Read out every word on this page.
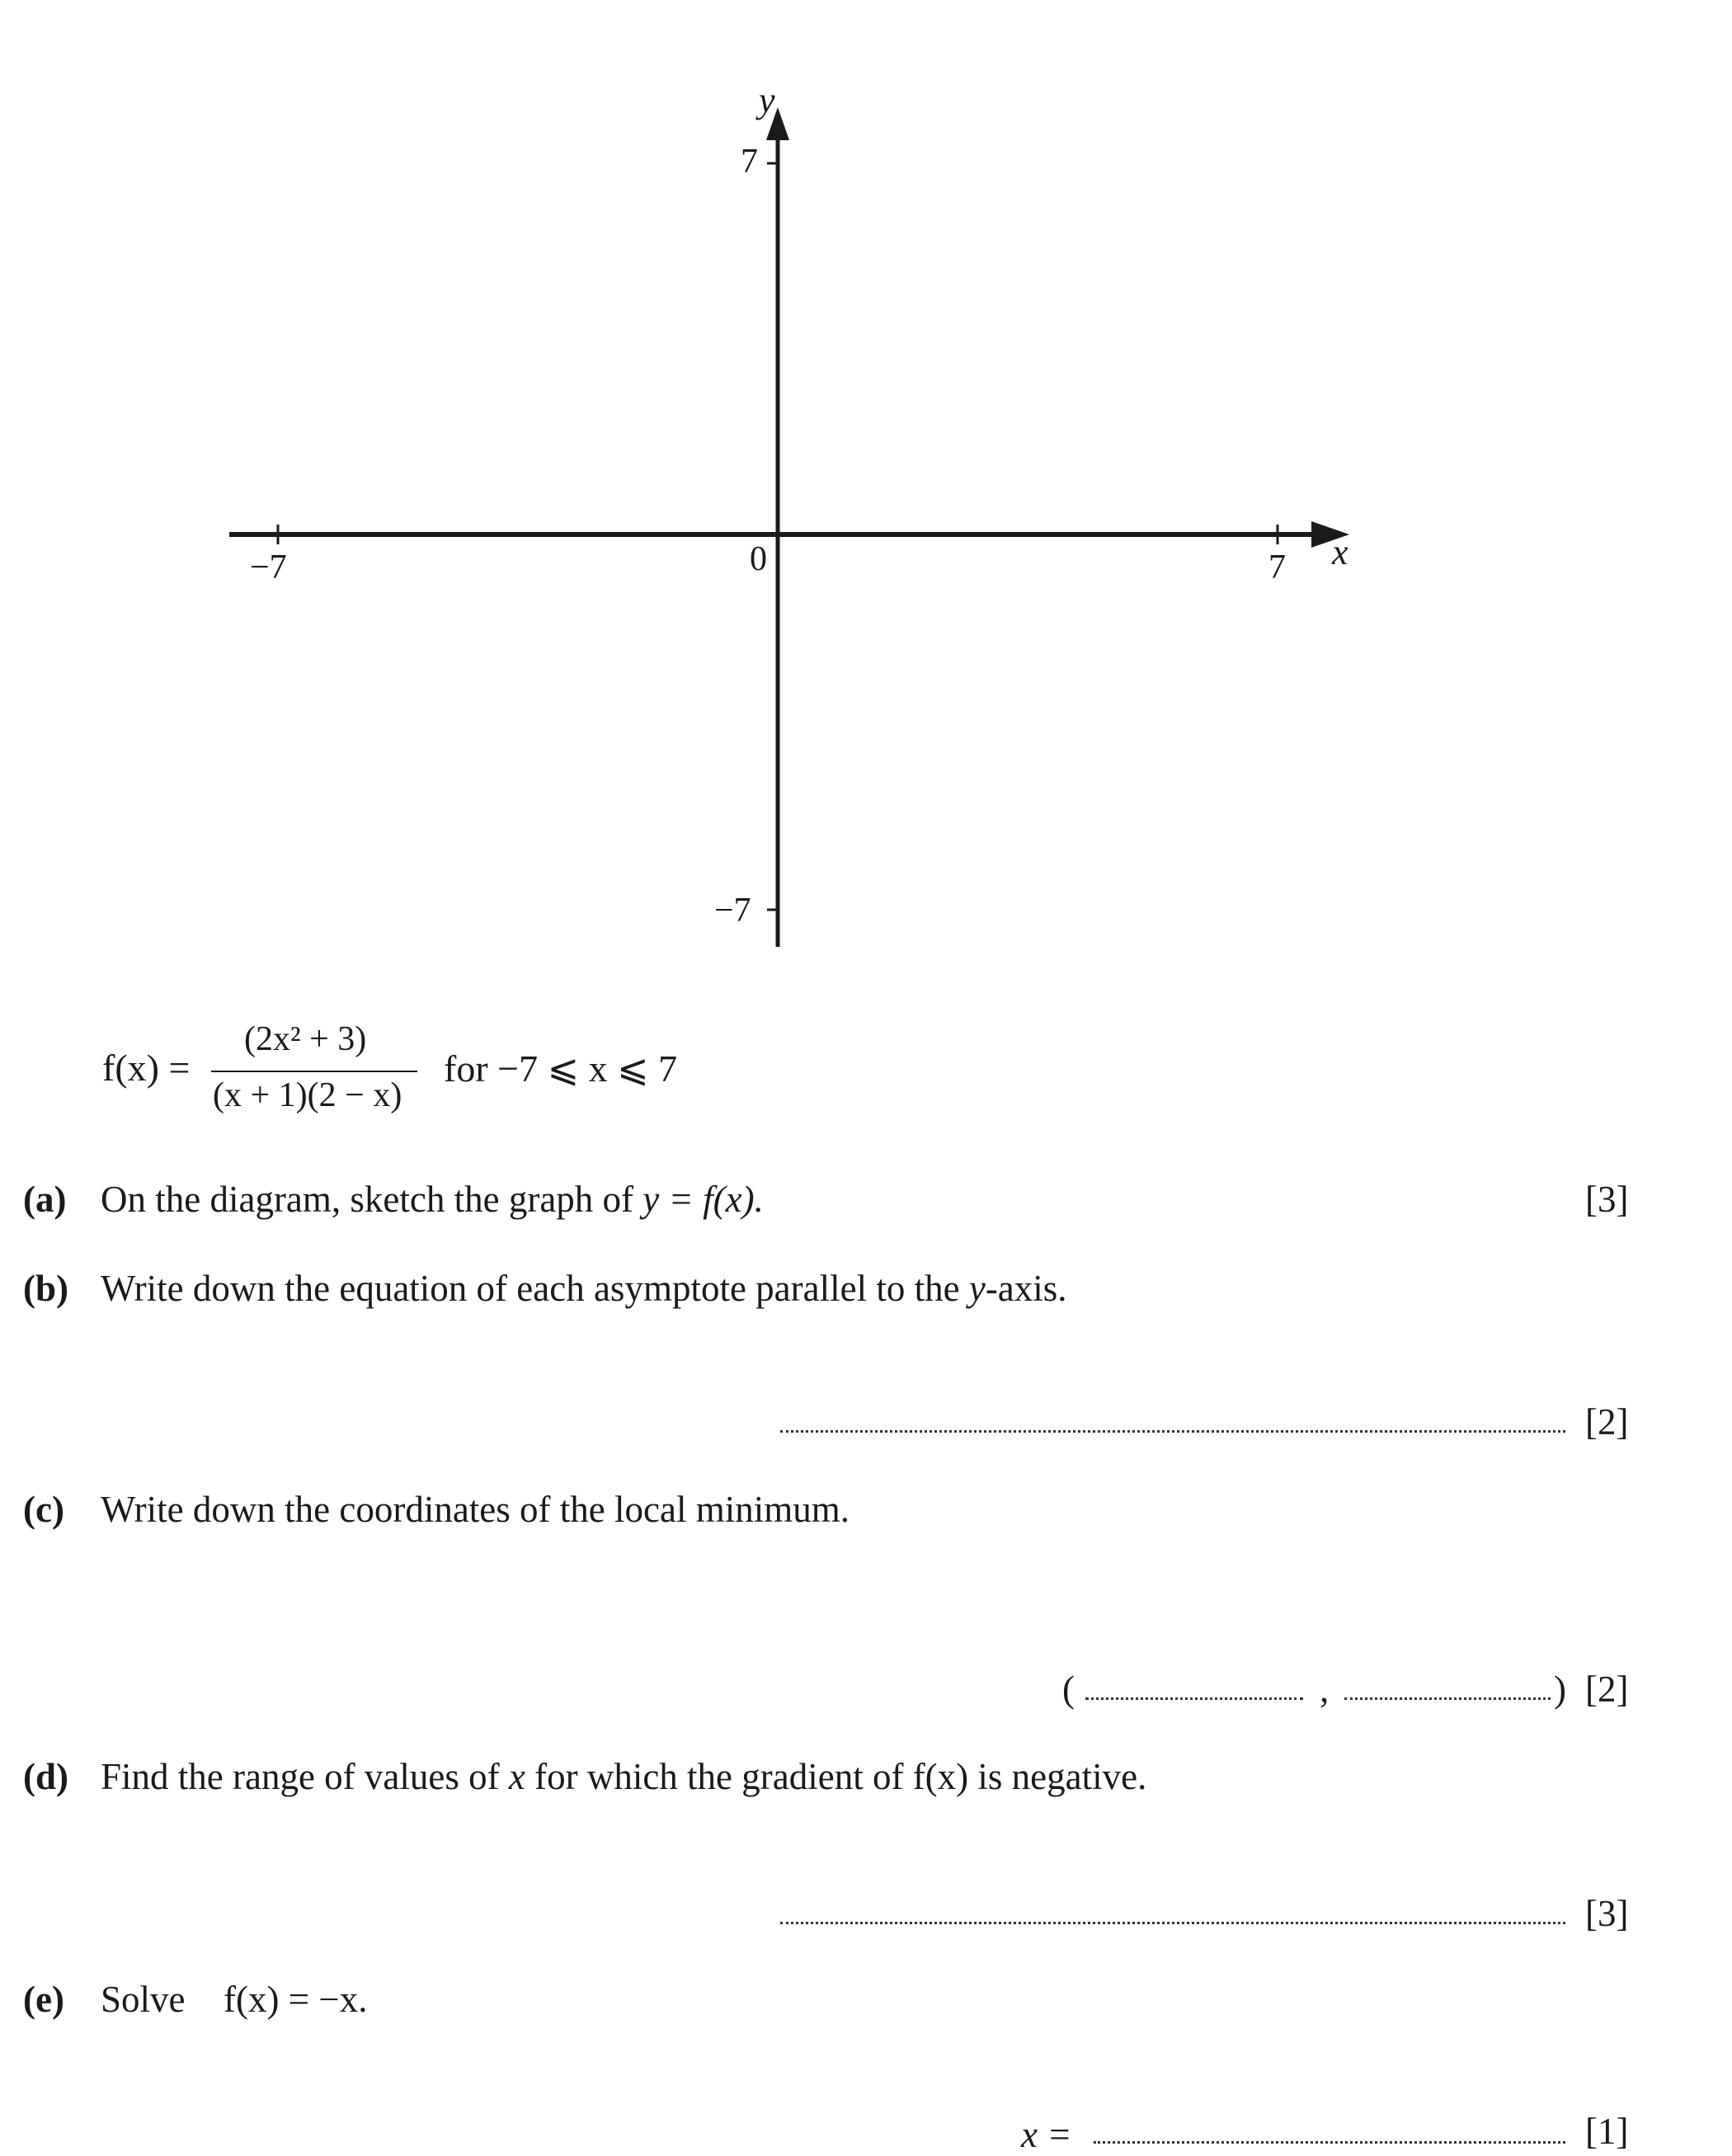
y
7
x
−7	0	7
−7
f(x) =
(2x² + 3)
(x + 1)(2 − x)
for −7 ⩽ x ⩽ 7
(a) On the diagram, sketch the graph of y = f(x).	[3]
(b) Write down the equation of each asymptote parallel to the y-axis.
[2]
(c) Write down the coordinates of the local minimum.
(	,	) [2]
(d) Find the range of values of x for which the gradient of f(x) is negative.
[3]
(e) Solve f(x) = −x.
x =	[1]
